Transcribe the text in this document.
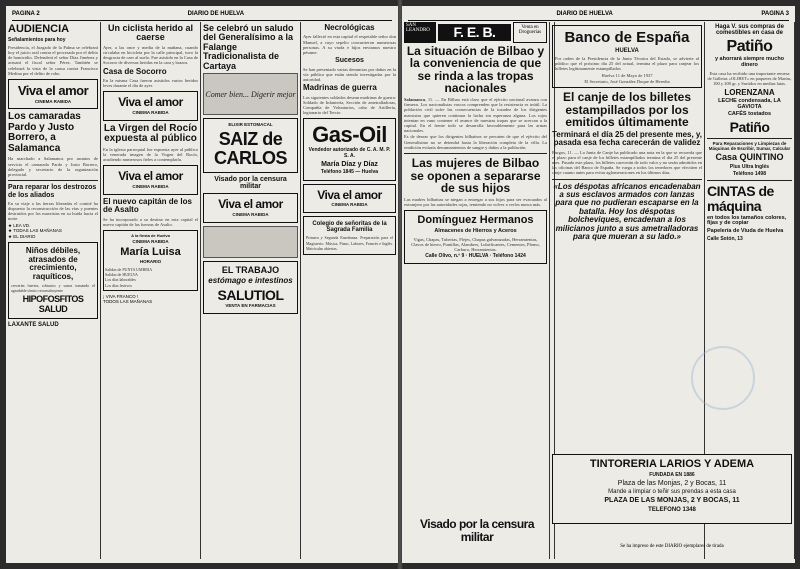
PAGINA 2	DIARIO DE HUELVA
AUDIENCIA
Señalamientos para hoy
Presidencia, el Juzgado de la Palma se celebrará hoy el juicio oral contra el procesado por el delito de homicidio. Defenderá el señor Díaz Jiménez y actuará el fiscal señor Pérez. También se celebrará la vista de la causa contra Francisco Medina por el delito de robo.
Viva el amor
CINEMA RABIDA
Los camaradas Pardo y Justo Borrero, a Salamanca
Ha marchado a Salamanca por asuntos de servicio el camarada Pardo y Justo Borrero, delegado y secretario de la organización provincial.
Para reparar los destrozos de los aliados
En su viaje a las tierras liberadas el comité ha dispuesto la reconstrucción de las vías y puentes destruidos por los marxistas en su huida hacia el norte.
★ LEA VD.
★ TODAS LAS MAÑANAS
★ EL DIARIO
Niños débiles, atrasados de crecimiento, raquíticos,
crecerán fuertes, robustos y sanos tomando el agradable tónico reconstituyente
HIPOFOSFITOS SALUD
LAXANTE SALUD
Un ciclista herido al caerse
Ayer, a las once y media de la mañana, cuando circulaba en bicicleta por la calle principal, tuvo la desgracia de caer al suelo. Fue asistido en la Casa de Socorro de diversas heridas en la cara y brazos.
Casa de Socorro
En la misma Casa fueron asistidos varios heridos leves durante el día de ayer.
Viva el amor
CINEMA RABIDA
La Virgen del Rocío expuesta al público
En la iglesia parroquial fue expuesta ayer al público la venerada imagen de la Virgen del Rocío, acudiendo numerosos fieles a contemplarla.
Viva el amor
CINEMA RABIDA
El nuevo capitán de los de Asalto
Se ha incorporado a su destino en esta capital el nuevo capitán de las fuerzas de Asalto.
A la fiesta de Huelva
CINEMA RABIDA
María Luisa
HORARIO
Salidas de PUNTA UMBRIA
Salidas de HUELVA
Los días laborables
Los días festivos
¡ VIVA FRANCO !
TODOS LAS MAÑANAS
Se celebró un saludo del Generalísimo a la Falange Tradicionalista de Cartaya
Comer bien... Digerir mejor
ELIXIR ESTOMACAL
SAIZ de CARLOS
Visado por la censura militar
Viva el amor
CINEMA RABIDA
EL TRABAJO
estómago e intestinos
SALUTIOL
VENTA EN FARMACIAS
Necrológicas
Ayer falleció en esta capital el respetable señor don Manuel, a cuyo sepelio concurrieron numerosas personas. A su viuda e hijos enviamos nuestro pésame.
Sucesos
Se han presentado varias denuncias por daños en la vía pública que están siendo investigadas por la autoridad.
Madrinas de guerra
Los siguientes soldados desean madrinas de guerra: Soldado de Infantería, Sección de ametralladoras, Compañía de Voluntarios, cabo de Artillería, legionario del Tercio.
Gas-Oil
Vendedor autorizado de C. A. M. P. S. A.
María Díaz y Díaz
Teléfono 1845 — Huelva
Viva el amor
CINEMA RABIDA
Colegio de señoritas de la Sagrada Familia
Primera y Segunda Enseñanza. Preparación para el Magisterio. Música, Piano, Labores, Francés e Inglés. Matrículas abiertas.
DIARIO DE HUELVA	PAGINA 3
SAN LEANDRO	F. E. B.	Venta en Droguerías
La situación de Bilbao y la conveniencia de que se rinda a las tropas nacionales
Salamanca, 11. — En Bilbao está claro que el ejército nacional avanza con firmeza. Los nacionalistas vascos comprenden que la resistencia es inútil. La población civil sufre las consecuencias de la tozudez de los dirigentes marxistas que quieren continuar la lucha sin esperanza alguna. Los rojos intentan en vano contener el avance de nuestras tropas que se acercan a la capital. En el frente todo se desarrolla favorablemente para las armas nacionales.
Es de desear que los dirigentes bilbaínos se percaten de que el ejército del Generalísimo no se detendrá hasta la liberación completa de la villa. La rendición evitaría derramamientos de sangre y daños a la población.
Las mujeres de Bilbao se oponen a separarse de sus hijos
Las madres bilbaínas se niegan a entregar a sus hijos para ser evacuados al extranjero por las autoridades rojas, temiendo no volver a verlos nunca más.
Domínguez Hermanos
Almacenes de Hierros y Aceros
Vigas, Chapas, Tuberías, Flejes, Chapas galvanizadas, Herramientas, Clavos de hierro, Puntillas, Alambres, Lubrificantes, Cementos, Plomo, Carburo, Herramientas.
Calle Olivo, n.º 9 · HUELVA · Teléfono 1424
Banco de España
HUELVA
Por orden de la Presidencia de la Junta Técnica del Estado, se advierte al público que el próximo día 25 del actual, termina el plazo para canjear los billetes legítimamente estampillados
Huelva 11 de Mayo de 1937
El Secretario, José González Duque de Heredia
El canje de los billetes estampillados por los emitidos últimamente
Terminará el día 25 del presente mes, y, pasada esa fecha carecerán de validez
Burgos, 11. — La Junta de Canje ha publicado una nota en la que se recuerda que el plazo para el canje de los billetes estampillados termina el día 25 del presente mes. Pasado este plazo, los billetes carecerán de todo valor y no serán admitidos en las oficinas del Banco de España. Se ruega a todos los tenedores que efectúen el canje cuanto antes para evitar aglomeraciones en los últimos días.
«Los déspotas africanos encadenaban a sus esclavos armados con lanzas para que no pudieran escaparse en la batalla. Hoy los déspotas bolcheviques, encadenan a los milicianos junto a sus ametralladoras para que mueran a su lado.»
Haga V. sus compras de comestibles en casa de
Patiño
y ahorrará siempre mucho dinero
Esta casa ha recibido una importante remesa de Galletas «OLIBET» en paquetes de Marías, 100 y 200 gr. y Surtidos en medias latas.
LORENZANA
LECHE condensada, LA GAVIOTA
CAFÉS tostados
Patiño
Para Reparaciones y Limpiezas de Máquinas de Escribir, Sumar, Calcular
Casa QUINTINO
Plus Ultra Inglés
Teléfono 1498
CINTAS de máquina
en todos los tamaños colores, fijas y de copiar
Papelería de Viuda de Huelva
Calle Sotón, 13
TINTORERIA LARIOS Y ADEMA
FUNDADA EN 1886
Plaza de las Monjas, 2 y Bocas, 11
Mande a limpiar o teñir sus prendas a esta casa
PLAZA DE LAS MONJAS, 2 Y BOCAS, 11
TELEFONO 1348
Visado por la censura militar
Se ha impreso de este DIARIO ejemplares de tirada
